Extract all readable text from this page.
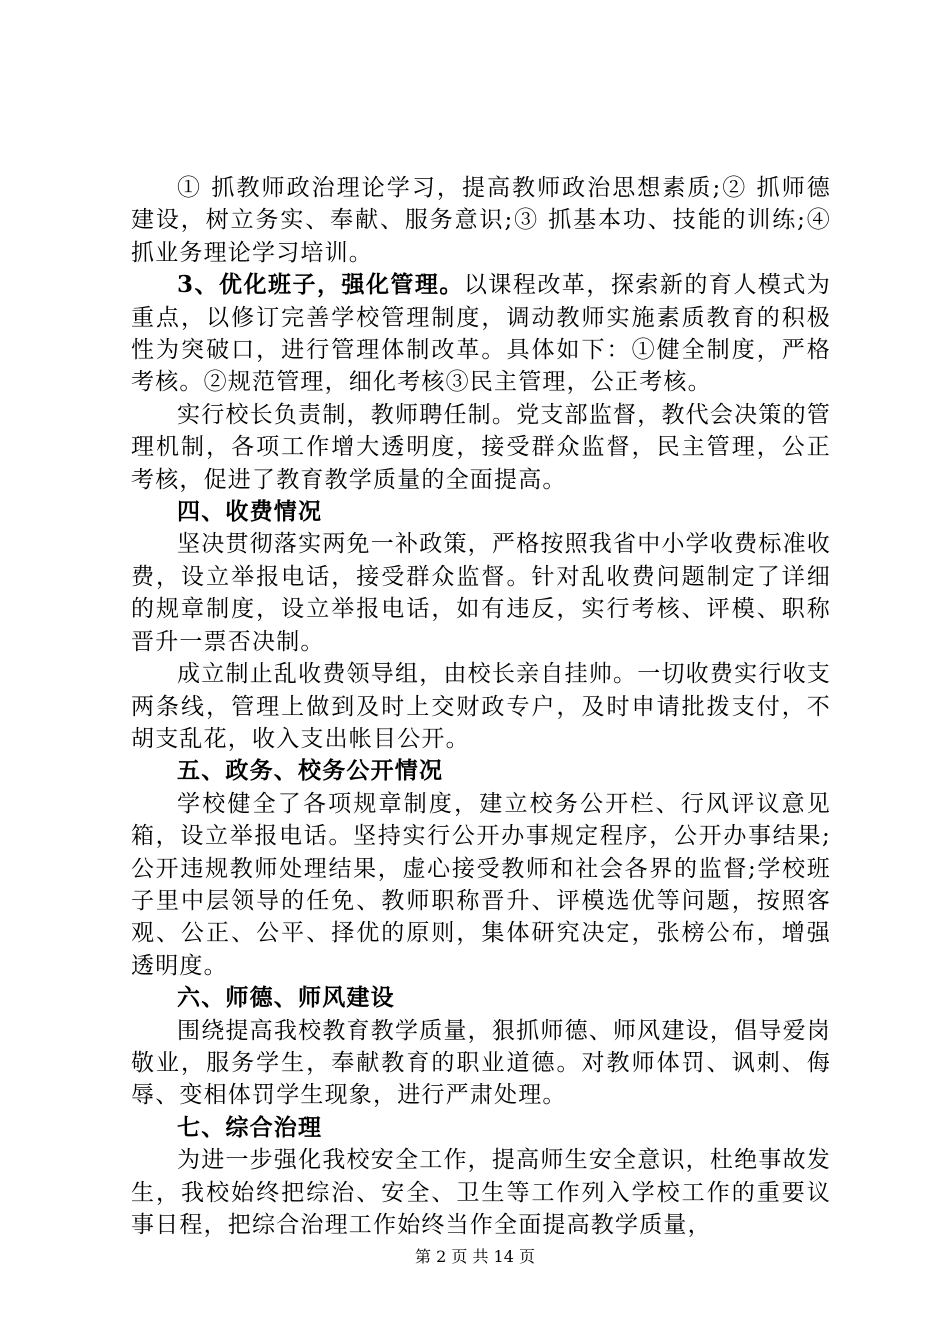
① 抓教师政治理论学习，提高教师政治思想素质;② 抓师德建设，树立务实、奉献、服务意识;③ 抓基本功、技能的训练;④ 抓业务理论学习培训。

3、优化班子，强化管理。以课程改革，探索新的育人模式为重点，以修订完善学校管理制度，调动教师实施素质教育的积极性为突破口，进行管理体制改革。具体如下：①健全制度，严格考核。②规范管理，细化考核③民主管理，公正考核。

实行校长负责制，教师聘任制。党支部监督，教代会决策的管理机制，各项工作增大透明度，接受群众监督，民主管理，公正考核，促进了教育教学质量的全面提高。

四、收费情况

坚决贯彻落实两免一补政策，严格按照我省中小学收费标准收费，设立举报电话，接受群众监督。针对乱收费问题制定了详细的规章制度，设立举报电话，如有违反，实行考核、评模、职称晋升一票否决制。

成立制止乱收费领导组，由校长亲自挂帅。一切收费实行收支两条线，管理上做到及时上交财政专户，及时申请批拨支付，不胡支乱花，收入支出帐目公开。

五、政务、校务公开情况

学校健全了各项规章制度，建立校务公开栏、行风评议意见箱，设立举报电话。坚持实行公开办事规定程序，公开办事结果;公开违规教师处理结果，虚心接受教师和社会各界的监督;学校班子里中层领导的任免、教师职称晋升、评模选优等问题，按照客观、公正、公平、择优的原则，集体研究决定，张榜公布，增强透明度。

六、师德、师风建设

围绕提高我校教育教学质量，狠抓师德、师风建设，倡导爱岗敬业，服务学生，奉献教育的职业道德。对教师体罚、讽刺、侮辱、变相体罚学生现象，进行严肃处理。

七、综合治理

为进一步强化我校安全工作，提高师生安全意识，杜绝事故发生，我校始终把综治、安全、卫生等工作列入学校工作的重要议事日程，把综合治理工作始终当作全面提高教学质量，

第 2 页 共 14 页
